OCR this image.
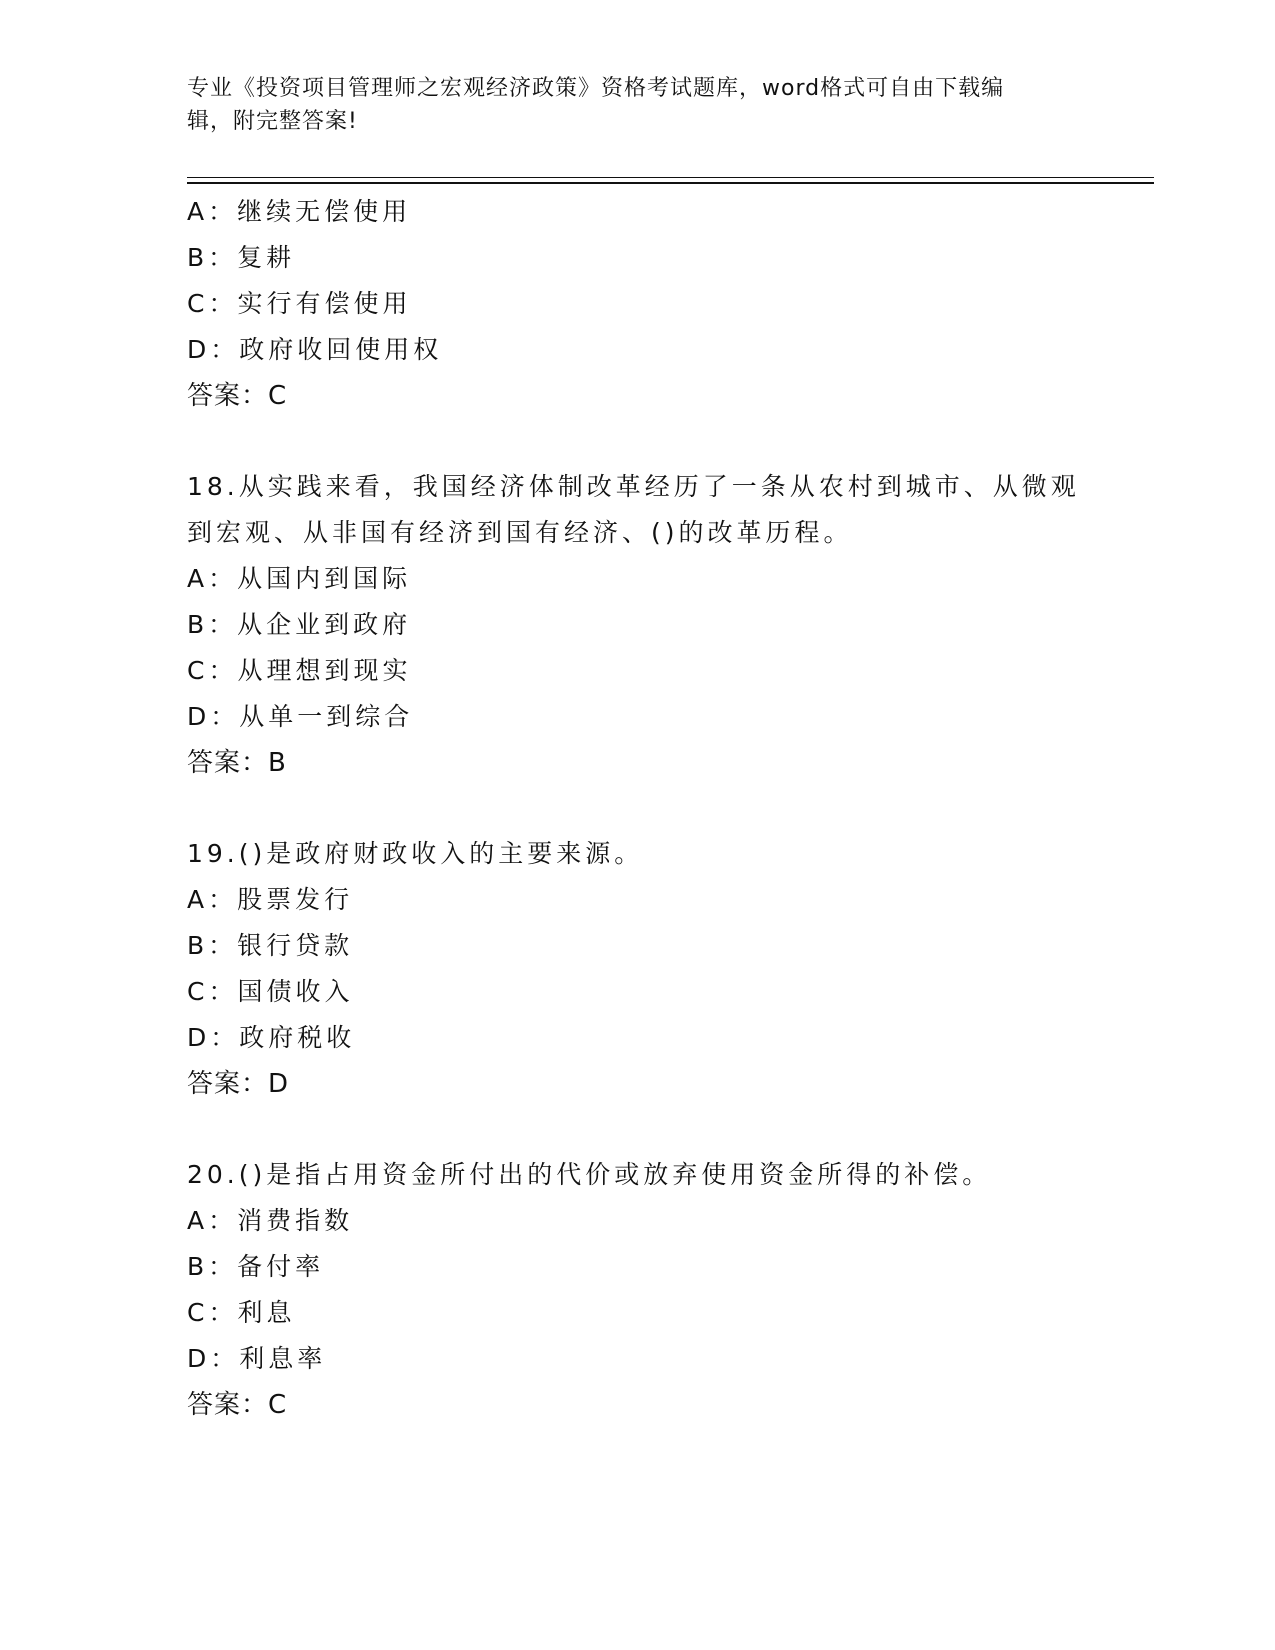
专业《投资项目管理师之宏观经济政策》资格考试题库，word格式可自由下载编
辑，附完整答案!
A：继续无偿使用
B：复耕
C：实行有偿使用
D：政府收回使用权
答案：C
18.从实践来看，我国经济体制改革经历了一条从农村到城市、从微观
到宏观、从非国有经济到国有经济、()的改革历程。
A：从国内到国际
B：从企业到政府
C：从理想到现实
D：从单一到综合
答案：B
19.()是政府财政收入的主要来源。
A：股票发行
B：银行贷款
C：国债收入
D：政府税收
答案：D
20.()是指占用资金所付出的代价或放弃使用资金所得的补偿。
A：消费指数
B：备付率
C：利息
D：利息率
答案：C
